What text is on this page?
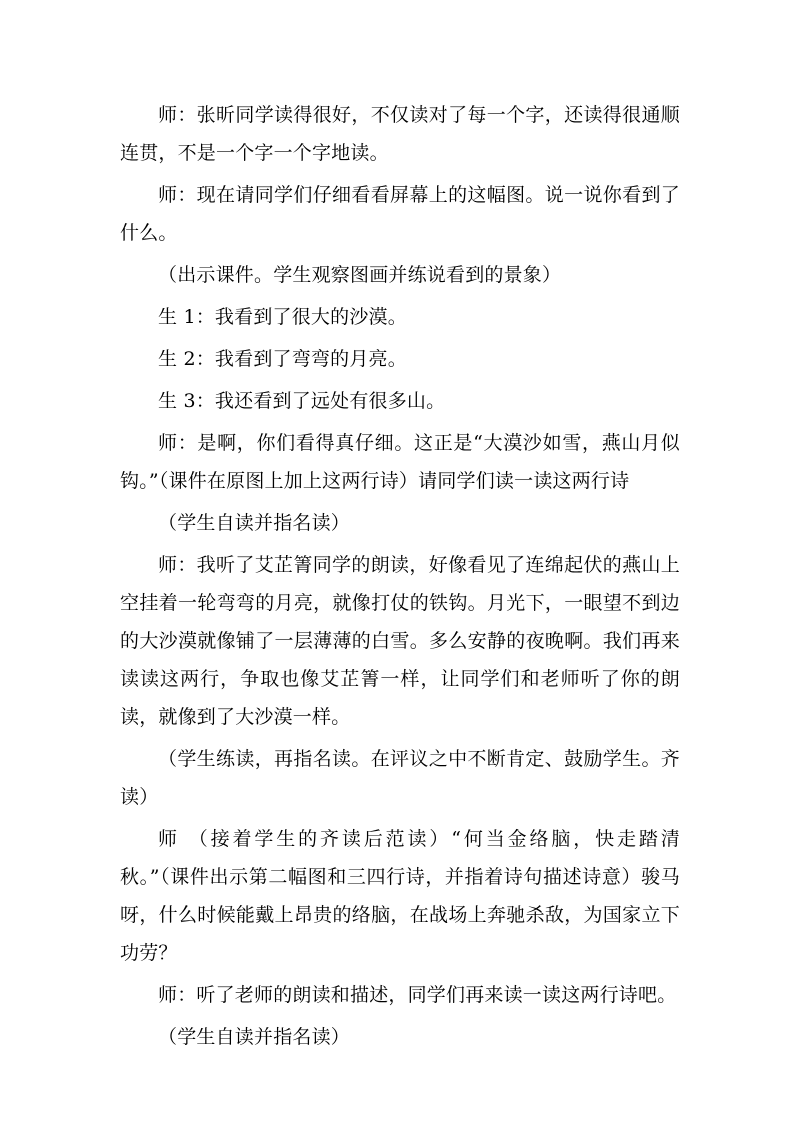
师：张昕同学读得很好，不仅读对了每一个字，还读得很通顺连贯，不是一个字一个字地读。

师：现在请同学们仔细看看屏幕上的这幅图。说一说你看到了什么。

（出示课件。学生观察图画并练说看到的景象）

生 1：我看到了很大的沙漠。

生 2：我看到了弯弯的月亮。

生 3：我还看到了远处有很多山。

师：是啊，你们看得真仔细。这正是“大漠沙如雪，燕山月似钩。”（课件在原图上加上这两行诗）请同学们读一读这两行诗

（学生自读并指名读）

师：我听了艾芷箐同学的朗读，好像看见了连绵起伏的燕山上空挂着一轮弯弯的月亮，就像打仗的铁钩。月光下，一眼望不到边的大沙漠就像铺了一层薄薄的白雪。多么安静的夜晚啊。我们再来读读这两行，争取也像艾芷箐一样，让同学们和老师听了你的朗读，就像到了大沙漠一样。

（学生练读，再指名读。在评议之中不断肯定、鼓励学生。齐读）

师 （接着学生的齐读后范读）“何当金络脑，快走踏清秋。”（课件出示第二幅图和三四行诗，并指着诗句描述诗意）骏马呀，什么时候能戴上昂贵的络脑，在战场上奔驰杀敌，为国家立下功劳？

师：听了老师的朗读和描述，同学们再来读一读这两行诗吧。

（学生自读并指名读）
